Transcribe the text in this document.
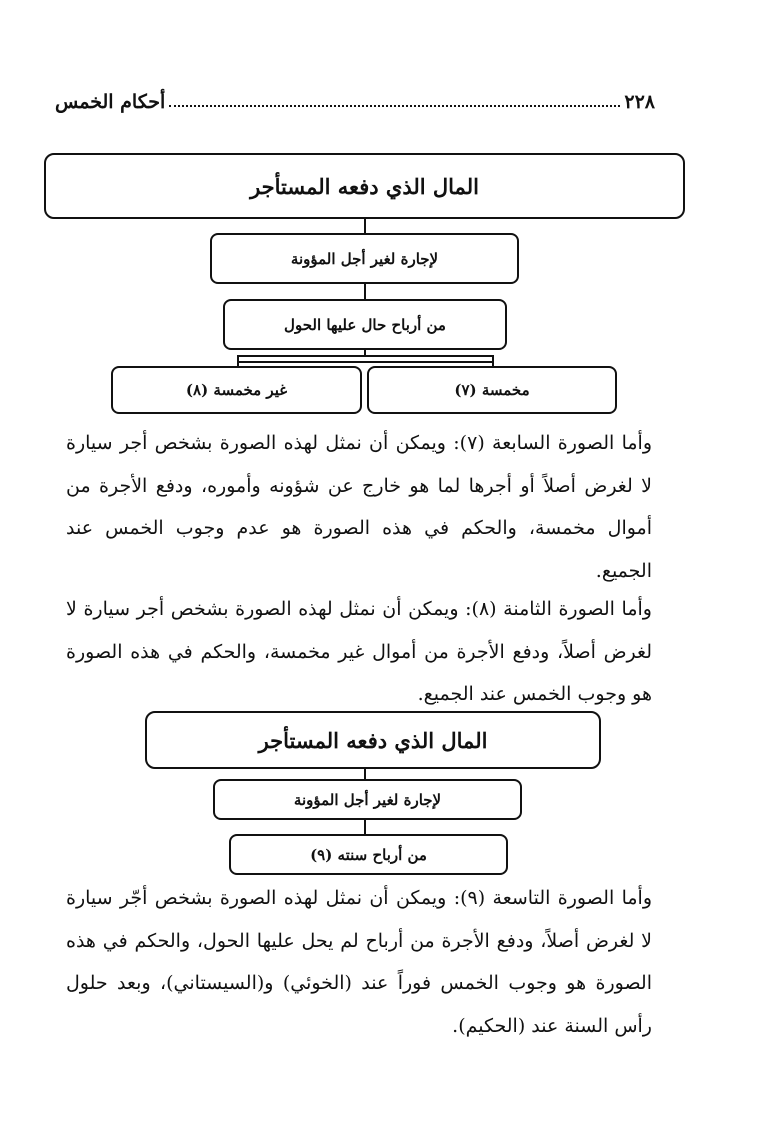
٢٢٨
أحكام الخمس
المال الذي دفعه المستأجر
لإجارة لغير أجل المؤونة
من أرباح حال عليها الحول
غير مخمسة (٨)	مخمسة (٧)

وأما الصورة السابعة (٧): ويمكن أن نمثل لهذه الصورة بشخص أجر سيارة لا لغرض أصلاً أو أجرها لما هو خارج عن شؤونه وأموره، ودفع الأجرة من أموال مخمسة، والحكم في هذه الصورة هو عدم وجوب الخمس عند الجميع.

وأما الصورة الثامنة (٨): ويمكن أن نمثل لهذه الصورة بشخص أجر سيارة لا لغرض أصلاً، ودفع الأجرة من أموال غير مخمسة، والحكم في هذه الصورة هو وجوب الخمس عند الجميع.

المال الذي دفعه المستأجر
لإجارة لغير أجل المؤونة
من أرباح سنته (٩)

وأما الصورة التاسعة (٩): ويمكن أن نمثل لهذه الصورة بشخص أجّر سيارة لا لغرض أصلاً، ودفع الأجرة من أرباح لم يحل عليها الحول، والحكم في هذه الصورة هو وجوب الخمس فوراً عند (الخوئي) و(السيستاني)، وبعد حلول رأس السنة عند (الحكيم).
